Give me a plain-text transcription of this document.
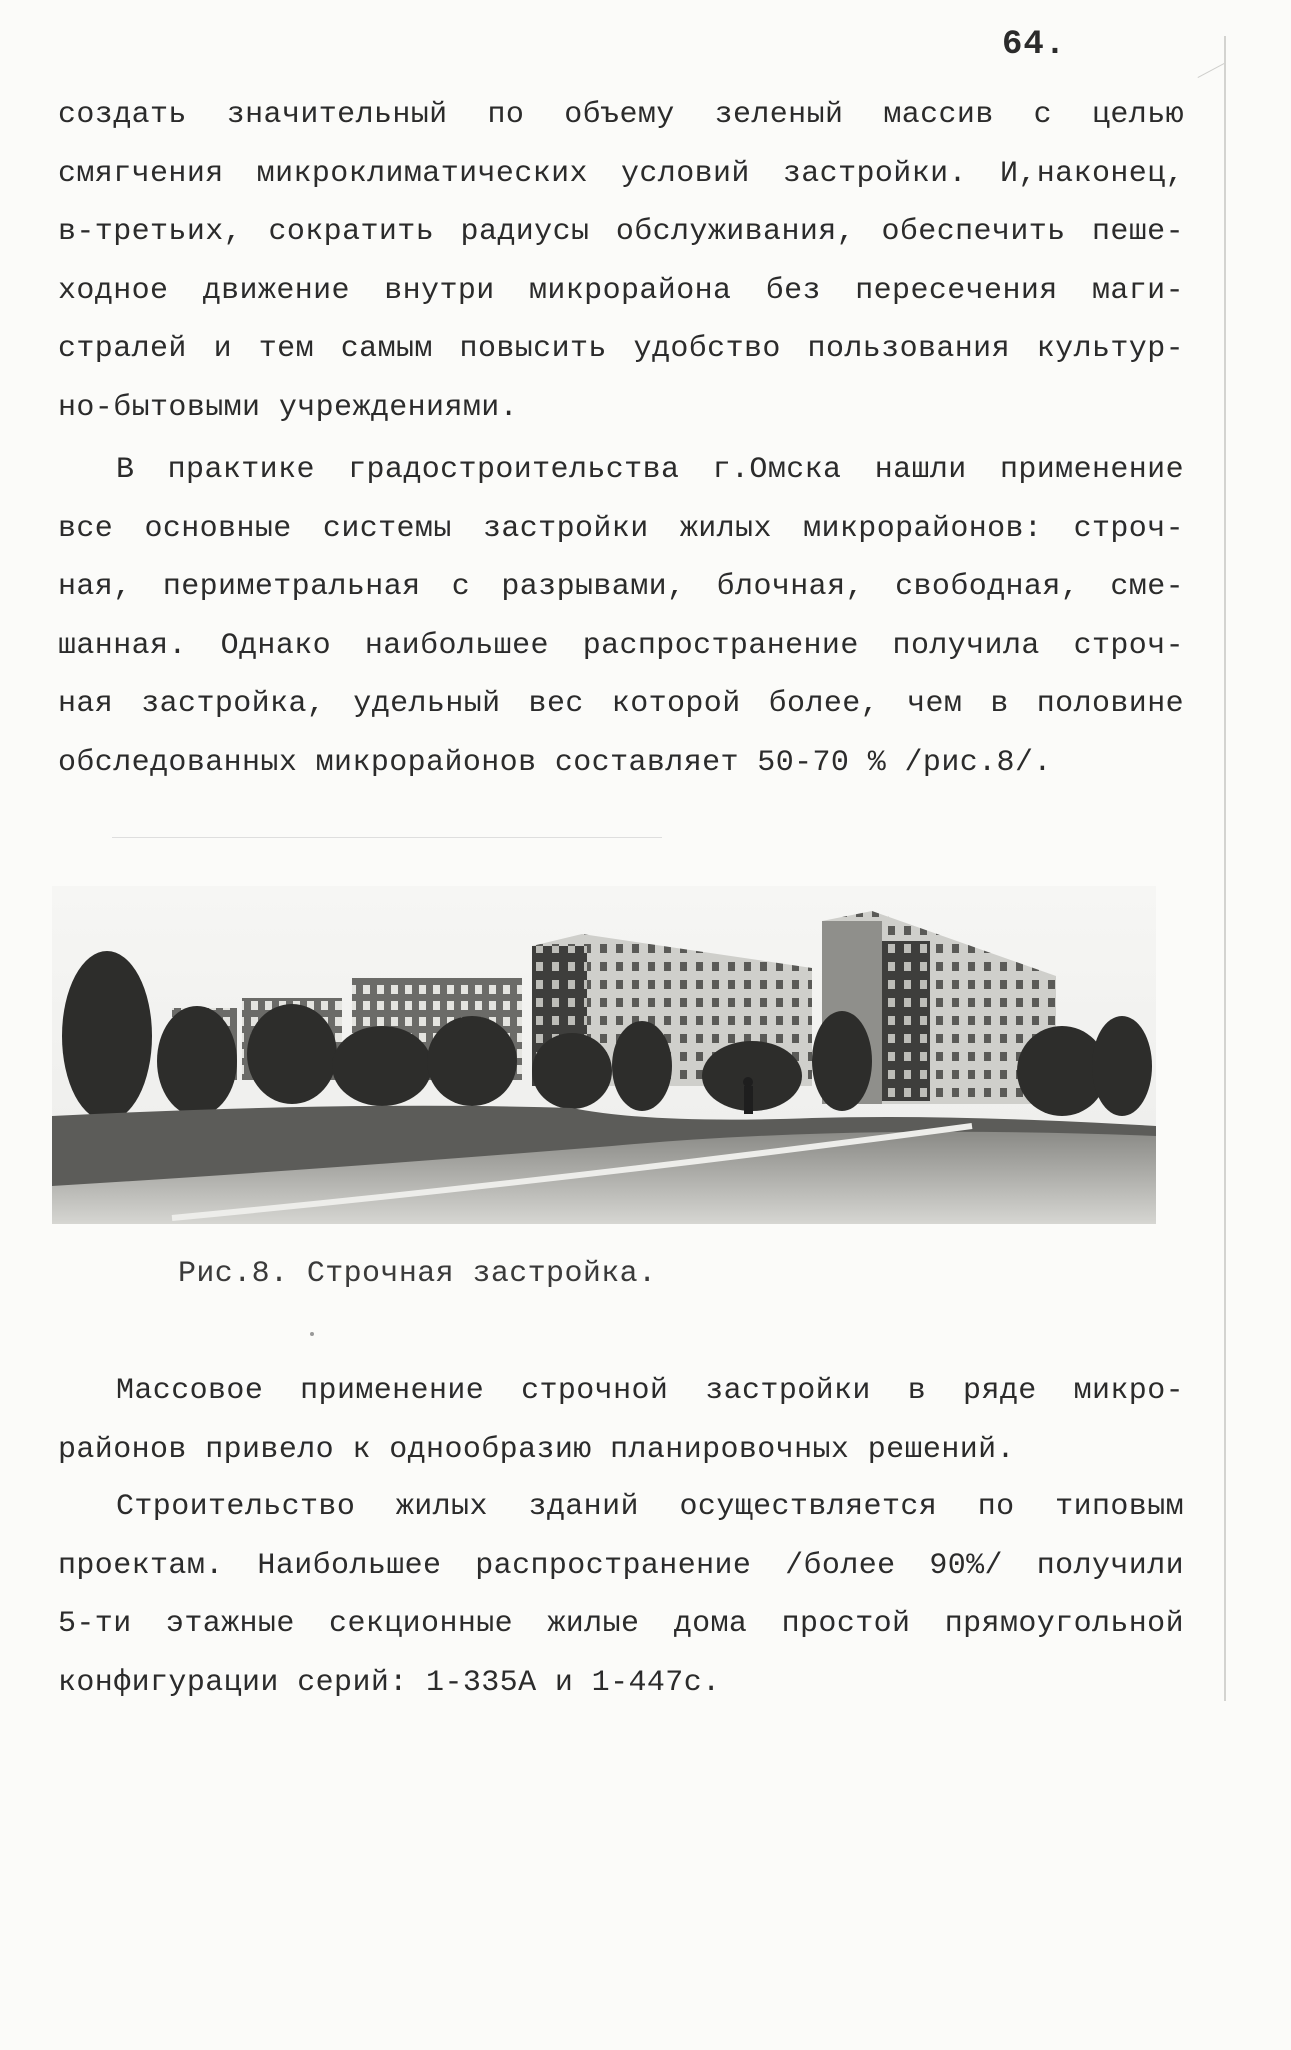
64.
создать значительный по объему зеленый массив с целью
смягчения микроклиматических условий застройки. И,наконец,
в-третьих, сократить радиусы обслуживания, обеспечить пеше-
ходное движение внутри микрорайона без пересечения маги-
стралей и тем самым повысить удобство пользования культур-
но-бытовыми учреждениями.
В практике градостроительства г.Омска нашли применение
все основные системы застройки жилых микрорайонов: строч-
ная, периметральная с разрывами, блочная, свободная, сме-
шанная. Однако наибольшее распространение получила строч-
ная застройка, удельный вес которой более, чем в половине
обследованных микрорайонов составляет 50-70 % /рис.8/.
Рис.8. Строчная застройка.
Массовое применение строчной застройки в ряде микро-
районов привело к однообразию планировочных решений.
Строительство жилых зданий осуществляется по типовым
проектам. Наибольшее распространение /более 90%/ получили
5-ти этажные секционные жилые дома простой прямоугольной
конфигурации серий: 1-335А и 1-447с.
